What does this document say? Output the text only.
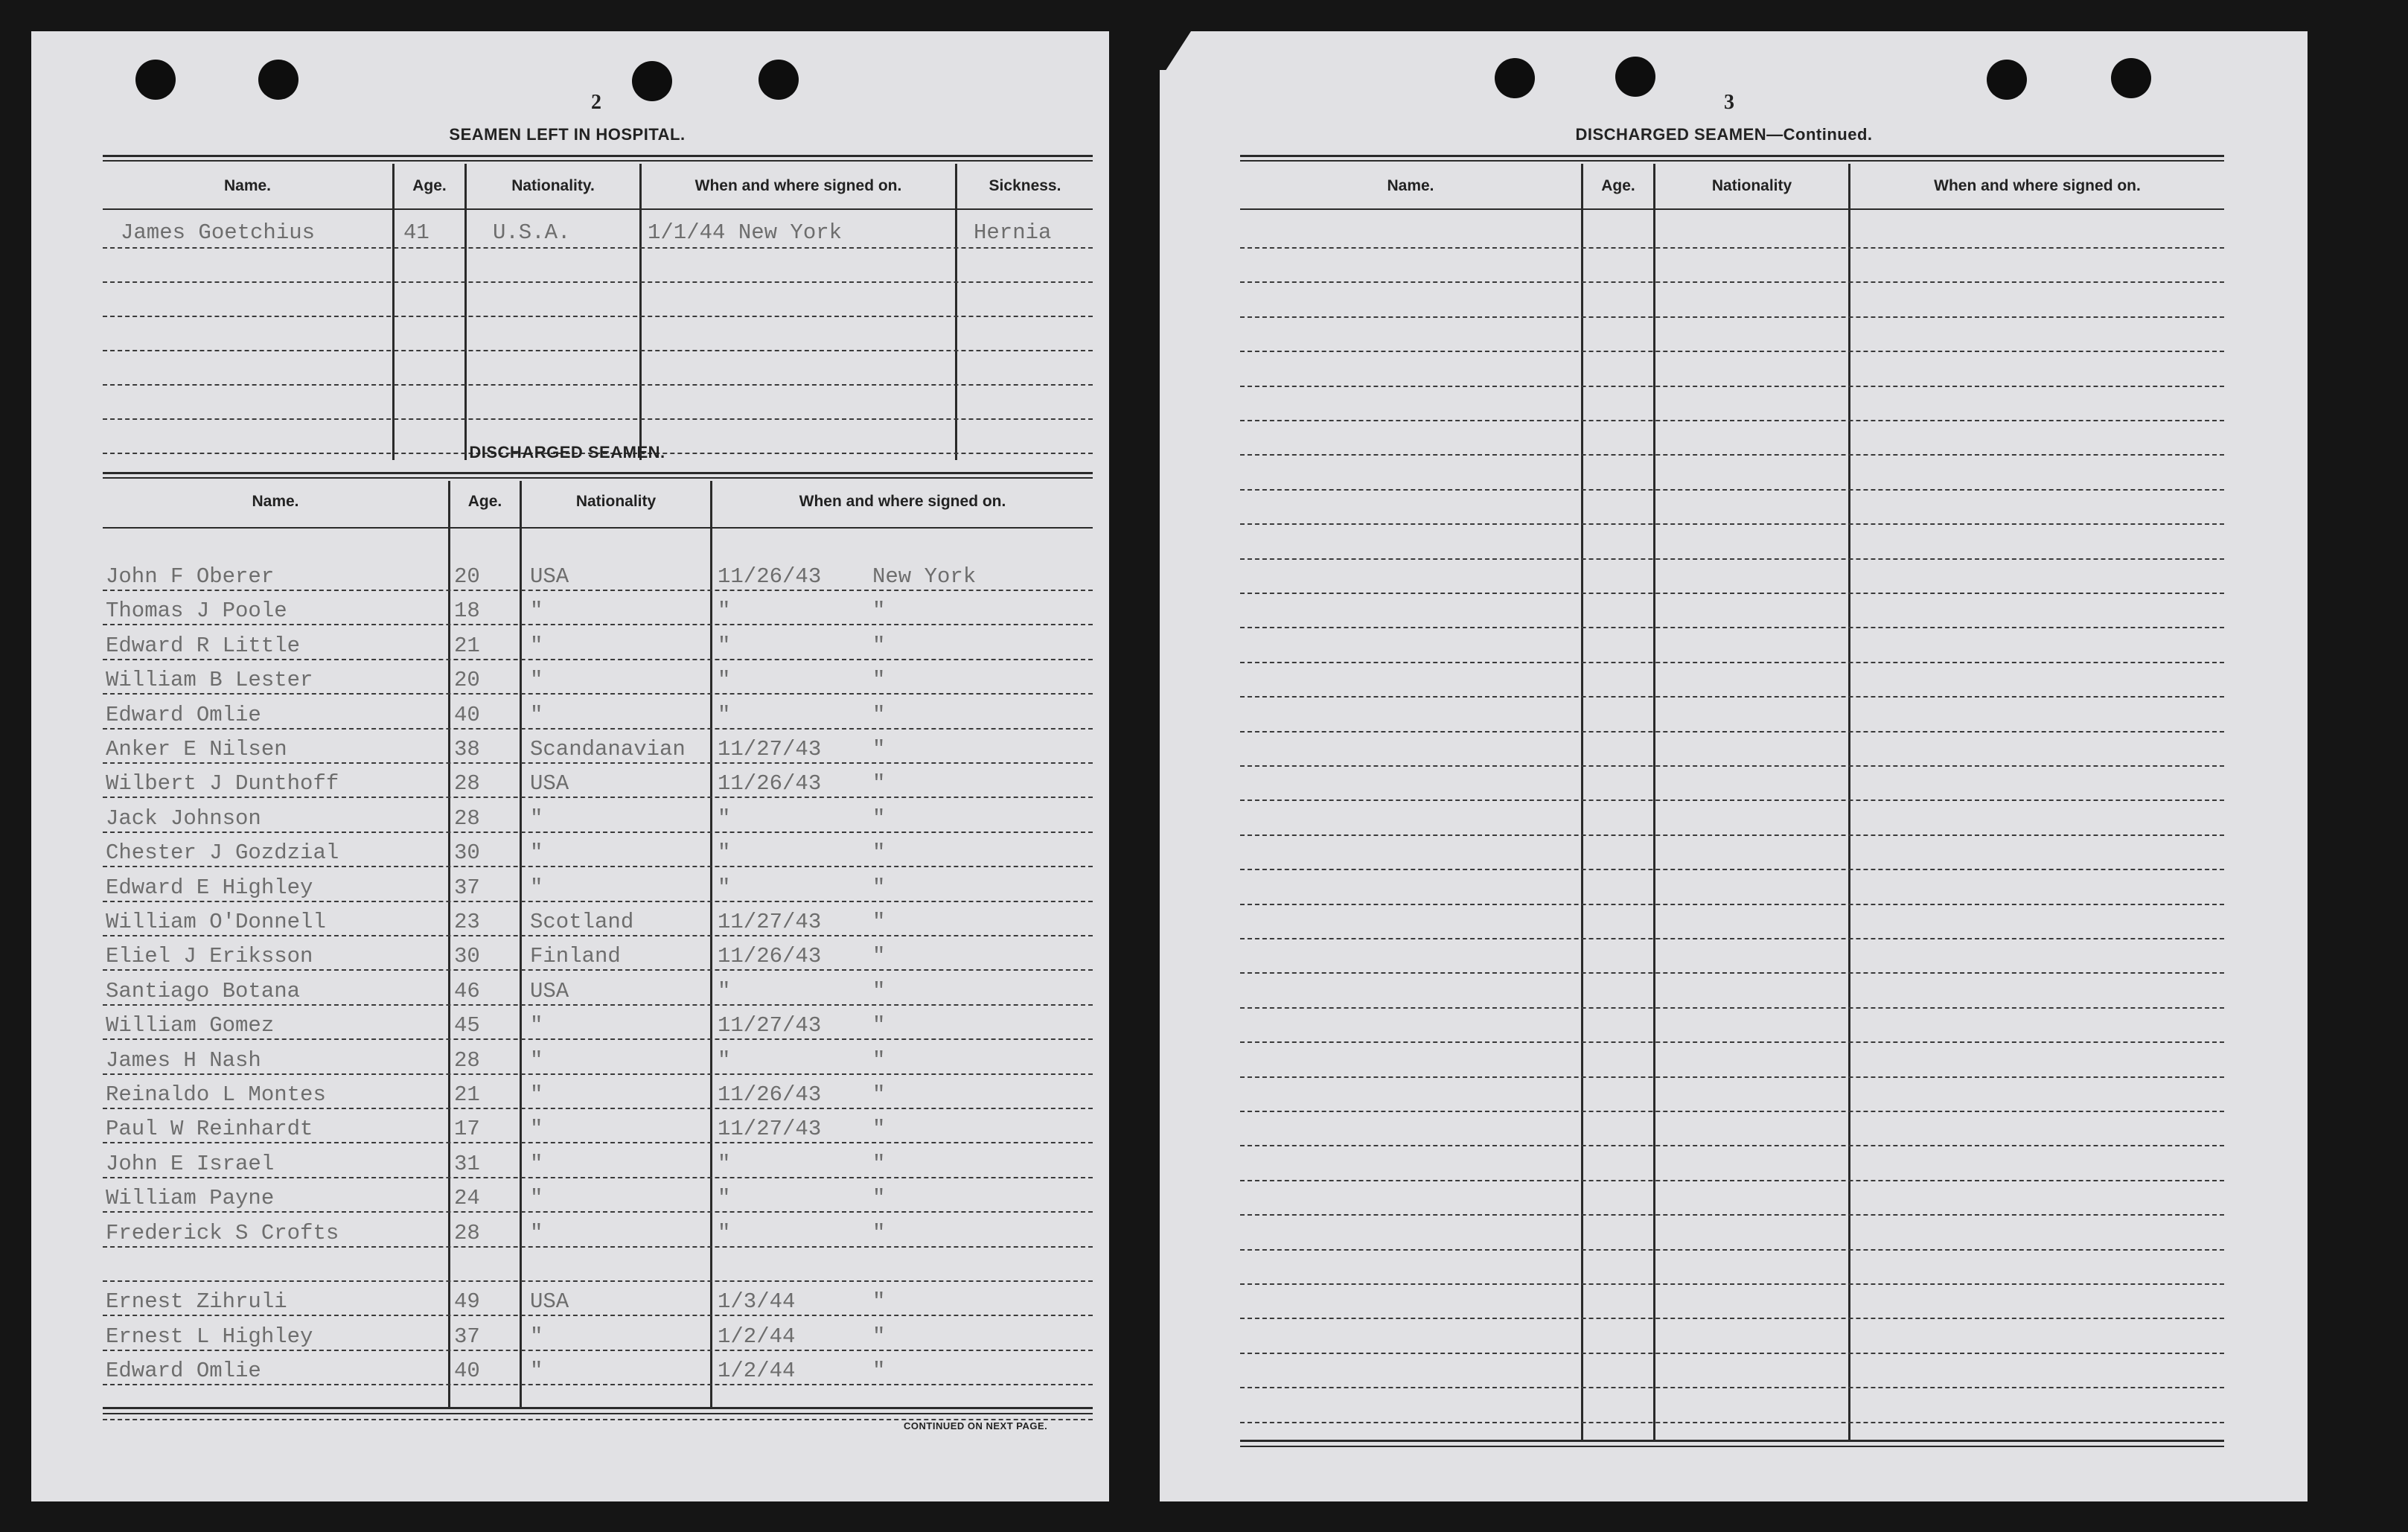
2
SEAMEN LEFT IN HOSPITAL.
Name.	Age.	Nationality.	When and where signed on.	Sickness.
James Goetchius	41	U.S.A.	1/1/44 New York	Hernia
DISCHARGED SEAMEN.
Name.	Age.	Nationality	When and where signed on.
John F Oberer	20 USA	11/26/43 New York
Thomas J Poole	18 "	"	"
Edward R Little	21 "	"	"
William B Lester	20 "	"	"
Edward Omlie	40 "	"	"
Anker E Nilsen	38 Scandanavian 11/27/43 "
Wilbert J Dunthoff	28 USA	11/26/43 "
Jack Johnson	28 "	"	"
Chester J Gozdzial	30 "	"	"
Edward E Highley	37 "	"	"
William O'Donnell	23 Scotland	11/27/43 "
Eliel J Eriksson	30 Finland	11/26/43 "
Santiago Botana	46 USA	"	"
William Gomez	45 "	11/27/43 "
James H Nash	28 "	"	"
Reinaldo L Montes	21 "	11/26/43 "
Paul W Reinhardt	17 "	11/27/43 "
John E Israel	31 "	"	"
William Payne	24 "	"	"
Frederick S Crofts	28 "	"	"
Ernest Zihruli	49 USA	1/3/44	"
Ernest L Highley	37 "	1/2/44	"
Edward Omlie	40 "	1/2/44	"
CONTINUED ON NEXT PAGE.
3
DISCHARGED SEAMEN—Continued.
Name.	Age.	Nationality	When and where signed on.
